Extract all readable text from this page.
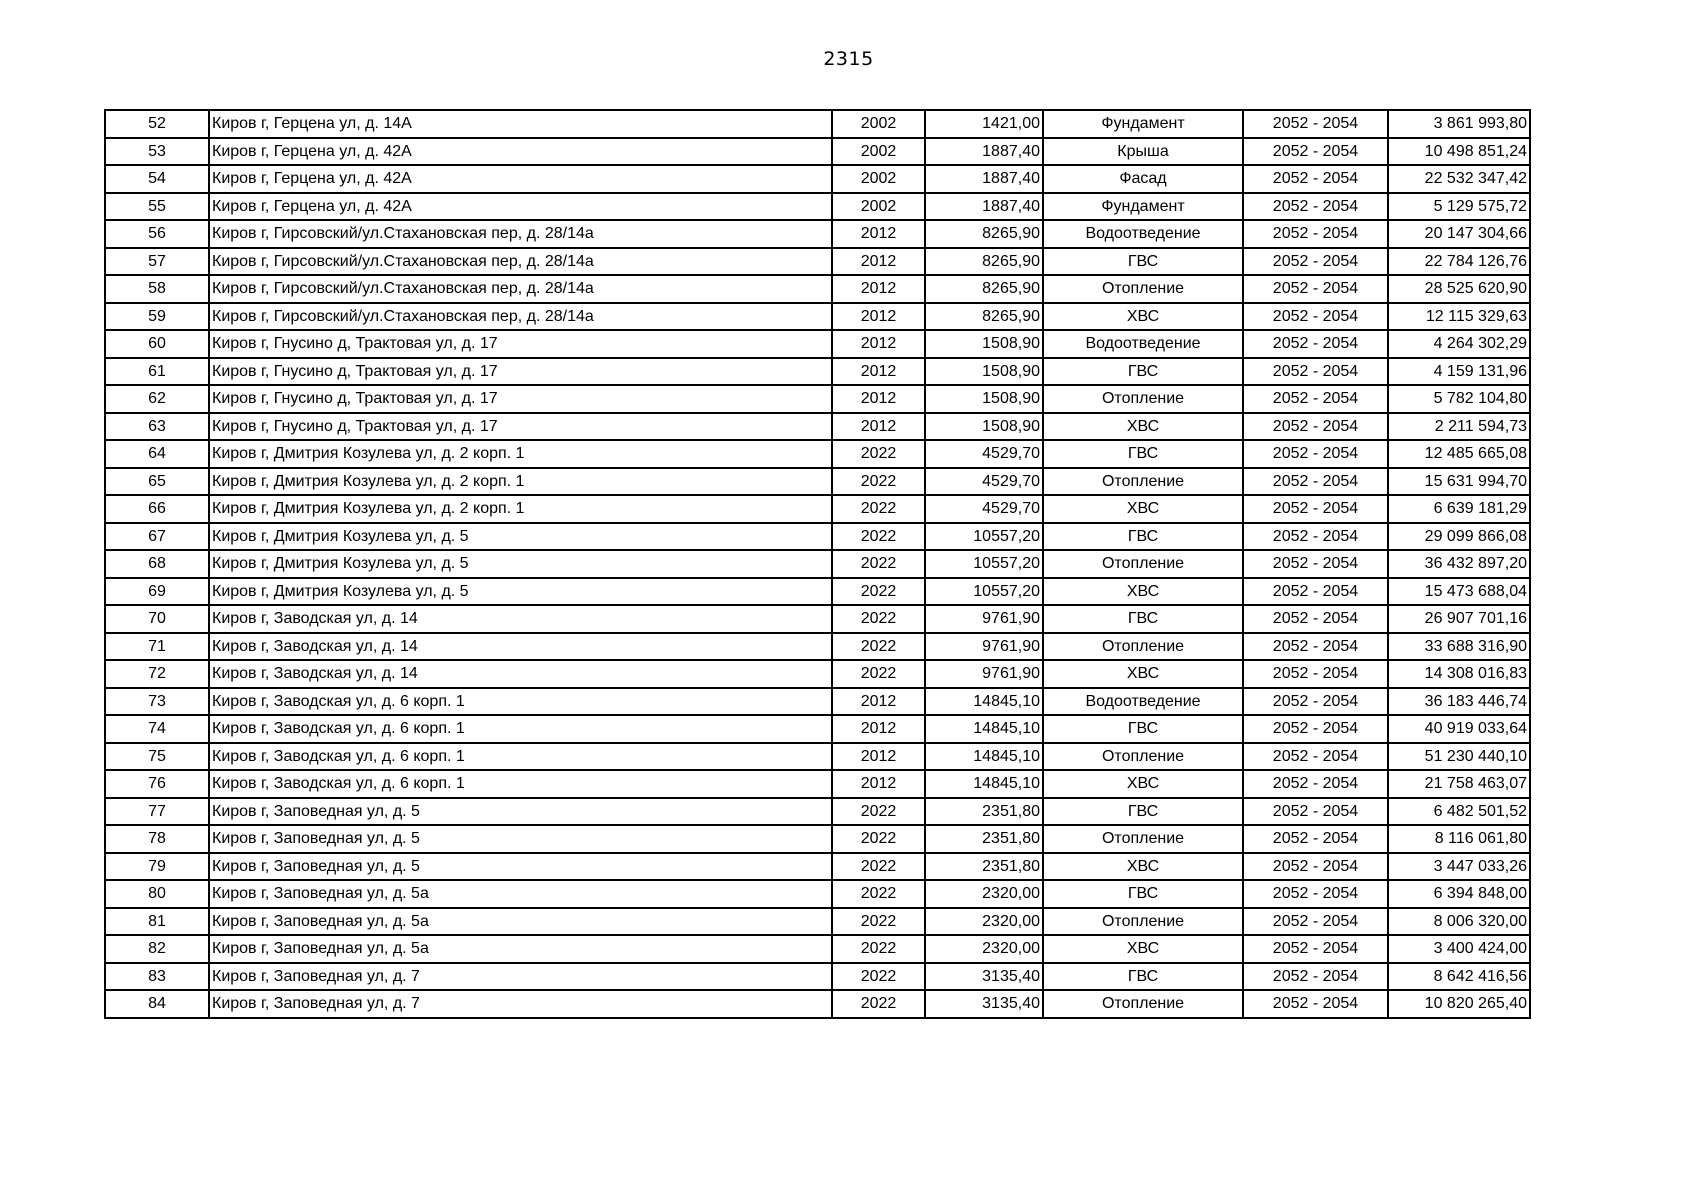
2315
52	Киров г, Герцена ул, д. 14А	2002	1421,00	Фундамент	2052 - 2054	3 861 993,80
53	Киров г, Герцена ул, д. 42А	2002	1887,40	Крыша	2052 - 2054	10 498 851,24
54	Киров г, Герцена ул, д. 42А	2002	1887,40	Фасад	2052 - 2054	22 532 347,42
55	Киров г, Герцена ул, д. 42А	2002	1887,40	Фундамент	2052 - 2054	5 129 575,72
56	Киров г, Гирсовский/ул.Стахановская пер, д. 28/14а	2012	8265,90	Водоотведение	2052 - 2054	20 147 304,66
57	Киров г, Гирсовский/ул.Стахановская пер, д. 28/14а	2012	8265,90	ГВС	2052 - 2054	22 784 126,76
58	Киров г, Гирсовский/ул.Стахановская пер, д. 28/14а	2012	8265,90	Отопление	2052 - 2054	28 525 620,90
59	Киров г, Гирсовский/ул.Стахановская пер, д. 28/14а	2012	8265,90	ХВС	2052 - 2054	12 115 329,63
60	Киров г, Гнусино д, Трактовая ул, д. 17	2012	1508,90	Водоотведение	2052 - 2054	4 264 302,29
61	Киров г, Гнусино д, Трактовая ул, д. 17	2012	1508,90	ГВС	2052 - 2054	4 159 131,96
62	Киров г, Гнусино д, Трактовая ул, д. 17	2012	1508,90	Отопление	2052 - 2054	5 782 104,80
63	Киров г, Гнусино д, Трактовая ул, д. 17	2012	1508,90	ХВС	2052 - 2054	2 211 594,73
64	Киров г, Дмитрия Козулева ул, д. 2 корп. 1	2022	4529,70	ГВС	2052 - 2054	12 485 665,08
65	Киров г, Дмитрия Козулева ул, д. 2 корп. 1	2022	4529,70	Отопление	2052 - 2054	15 631 994,70
66	Киров г, Дмитрия Козулева ул, д. 2 корп. 1	2022	4529,70	ХВС	2052 - 2054	6 639 181,29
67	Киров г, Дмитрия Козулева ул, д. 5	2022	10557,20	ГВС	2052 - 2054	29 099 866,08
68	Киров г, Дмитрия Козулева ул, д. 5	2022	10557,20	Отопление	2052 - 2054	36 432 897,20
69	Киров г, Дмитрия Козулева ул, д. 5	2022	10557,20	ХВС	2052 - 2054	15 473 688,04
70	Киров г, Заводская ул, д. 14	2022	9761,90	ГВС	2052 - 2054	26 907 701,16
71	Киров г, Заводская ул, д. 14	2022	9761,90	Отопление	2052 - 2054	33 688 316,90
72	Киров г, Заводская ул, д. 14	2022	9761,90	ХВС	2052 - 2054	14 308 016,83
73	Киров г, Заводская ул, д. 6 корп. 1	2012	14845,10	Водоотведение	2052 - 2054	36 183 446,74
74	Киров г, Заводская ул, д. 6 корп. 1	2012	14845,10	ГВС	2052 - 2054	40 919 033,64
75	Киров г, Заводская ул, д. 6 корп. 1	2012	14845,10	Отопление	2052 - 2054	51 230 440,10
76	Киров г, Заводская ул, д. 6 корп. 1	2012	14845,10	ХВС	2052 - 2054	21 758 463,07
77	Киров г, Заповедная ул, д. 5	2022	2351,80	ГВС	2052 - 2054	6 482 501,52
78	Киров г, Заповедная ул, д. 5	2022	2351,80	Отопление	2052 - 2054	8 116 061,80
79	Киров г, Заповедная ул, д. 5	2022	2351,80	ХВС	2052 - 2054	3 447 033,26
80	Киров г, Заповедная ул, д. 5а	2022	2320,00	ГВС	2052 - 2054	6 394 848,00
81	Киров г, Заповедная ул, д. 5а	2022	2320,00	Отопление	2052 - 2054	8 006 320,00
82	Киров г, Заповедная ул, д. 5а	2022	2320,00	ХВС	2052 - 2054	3 400 424,00
83	Киров г, Заповедная ул, д. 7	2022	3135,40	ГВС	2052 - 2054	8 642 416,56
84	Киров г, Заповедная ул, д. 7	2022	3135,40	Отопление	2052 - 2054	10 820 265,40
